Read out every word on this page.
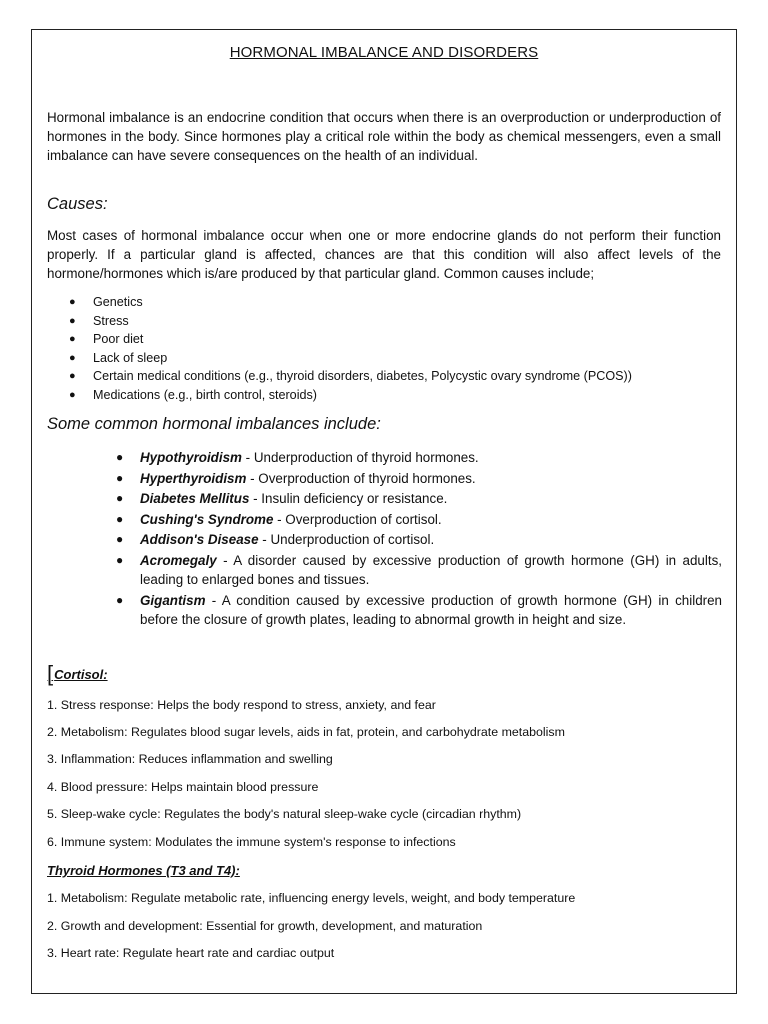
HORMONAL IMBALANCE AND DISORDERS

Hormonal imbalance is an endocrine condition that occurs when there is an overproduction or underproduction of hormones in the body. Since hormones play a critical role within the body as chemical messengers, even a small imbalance can have severe consequences on the health of an individual.

Causes:

Most cases of hormonal imbalance occur when one or more endocrine glands do not perform their function properly. If a particular gland is affected, chances are that this condition will also affect levels of the hormone/hormones which is/are produced by that particular gland. Common causes include;

● Genetics
● Stress
● Poor diet
● Lack of sleep
● Certain medical conditions (e.g., thyroid disorders, diabetes, Polycystic ovary syndrome (PCOS))
● Medications (e.g., birth control, steroids)
Some common hormonal imbalances include:
● Hypothyroidism - Underproduction of thyroid hormones.
● Hyperthyroidism - Overproduction of thyroid hormones.
● Diabetes Mellitus - Insulin deficiency or resistance.
● Cushing's Syndrome - Overproduction of cortisol.
● Addison's Disease - Underproduction of cortisol.
● Acromegaly - A disorder caused by excessive production of growth hormone (GH) in adults, leading to enlarged bones and tissues.
● Gigantism - A condition caused by excessive production of growth hormone (GH) in children before the closure of growth plates, leading to abnormal growth in height and size.
[Cortisol:
1. Stress response: Helps the body respond to stress, anxiety, and fear
2. Metabolism: Regulates blood sugar levels, aids in fat, protein, and carbohydrate metabolism
3. Inflammation: Reduces inflammation and swelling
4. Blood pressure: Helps maintain blood pressure
5. Sleep-wake cycle: Regulates the body's natural sleep-wake cycle (circadian rhythm)
6. Immune system: Modulates the immune system's response to infections
Thyroid Hormones (T3 and T4):
1. Metabolism: Regulate metabolic rate, influencing energy levels, weight, and body temperature
2. Growth and development: Essential for growth, development, and maturation
3. Heart rate: Regulate heart rate and cardiac output
